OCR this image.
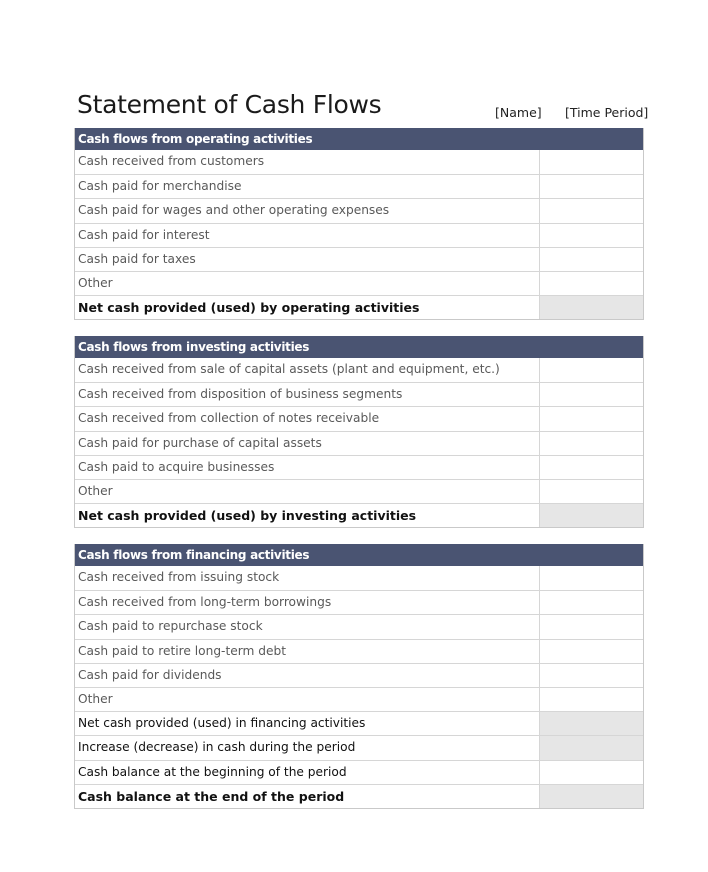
Statement of Cash Flows	[Name] [Time Period]
Cash flows from operating activities
Cash received from customers
Cash paid for merchandise
Cash paid for wages and other operating expenses
Cash paid for interest
Cash paid for taxes
Other
Net cash provided (used) by operating activities
Cash flows from investing activities
Cash received from sale of capital assets (plant and equipment, etc.)
Cash received from disposition of business segments
Cash received from collection of notes receivable
Cash paid for purchase of capital assets
Cash paid to acquire businesses
Other
Net cash provided (used) by investing activities
Cash flows from financing activities
Cash received from issuing stock
Cash received from long-term borrowings
Cash paid to repurchase stock
Cash paid to retire long-term debt
Cash paid for dividends
Other
Net cash provided (used) in financing activities
Increase (decrease) in cash during the period
Cash balance at the beginning of the period
Cash balance at the end of the period
